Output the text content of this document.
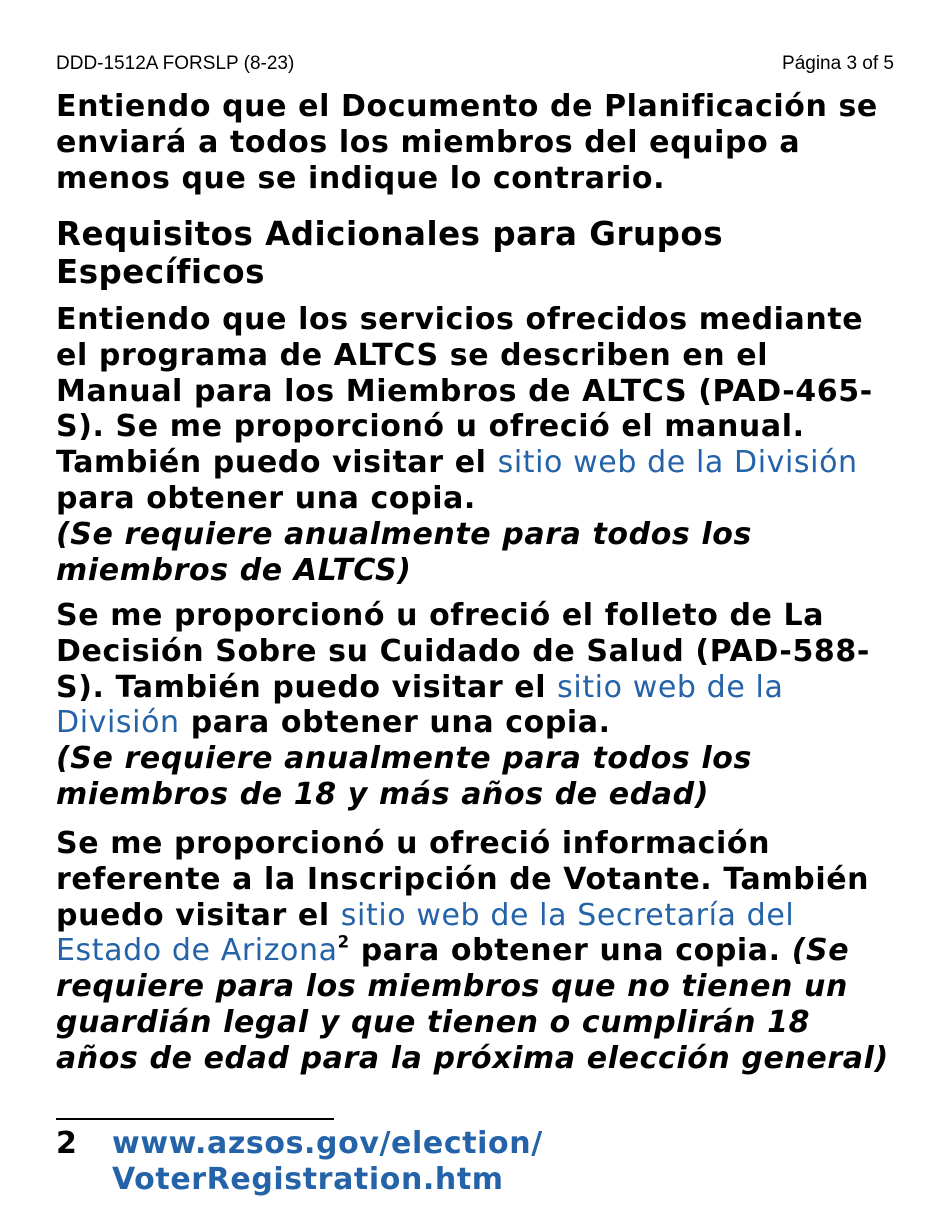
DDD-1512A FORSLP (8-23)	Página 3 of 5
Entiendo que el Documento de Planificación se enviará a todos los miembros del equipo a menos que se indique lo contrario.
Requisitos Adicionales para Grupos Específicos
Entiendo que los servicios ofrecidos mediante el programa de ALTCS se describen en el Manual para los Miembros de ALTCS (PAD-465-S). Se me proporcionó u ofreció el manual. También puedo visitar el sitio web de la División para obtener una copia.
(Se requiere anualmente para todos los miembros de ALTCS)
Se me proporcionó u ofreció el folleto de La Decisión Sobre su Cuidado de Salud (PAD-588-S). También puedo visitar el sitio web de la División para obtener una copia.
(Se requiere anualmente para todos los miembros de 18 y más años de edad)
Se me proporcionó u ofreció información referente a la Inscripción de Votante. También puedo visitar el sitio web de la Secretaría del Estado de Arizona$^2$ para obtener una copia. (Se requiere para los miembros que no tienen un guardián legal y que tienen o cumplirán 18 años de edad para la próxima elección general)
2 www.azsos.gov/election/
VoterRegistration.htm
